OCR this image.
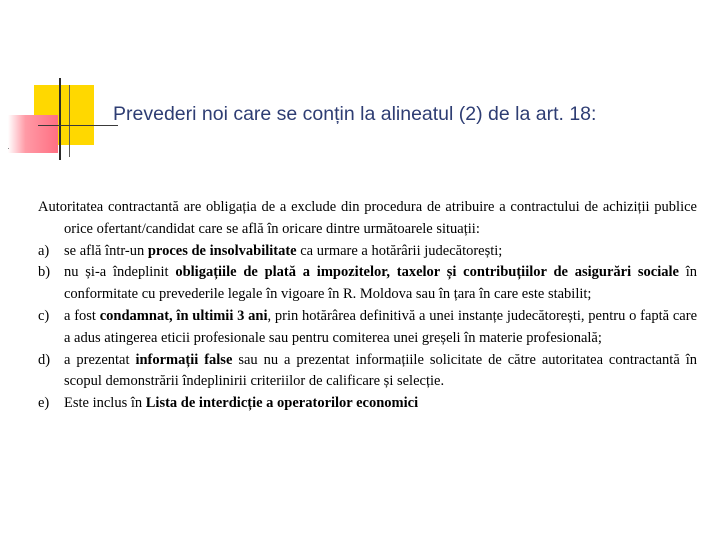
Prevederi noi care se conțin la alineatul (2) de la art. 18:
Autoritatea contractantă are obligația de a exclude din procedura de atribuire a contractului de achiziții publice orice ofertant/candidat care se află în oricare dintre următoarele situații:
a)	se află într-un proces de insolvabilitate ca urmare a hotărârii judecătorești;
b) nu și-a îndeplinit obligațiile de plată a impozitelor, taxelor și contribuțiilor de asigurări sociale în conformitate cu prevederile legale în vigoare în R. Moldova sau în țara în care este stabilit;
c)	a fost condamnat, în ultimii 3 ani, prin hotărârea definitivă a unei instanțe judecătorești, pentru o faptă care a adus atingerea eticii profesionale sau pentru comiterea unei greșeli în materie profesională;
d) a prezentat informații false sau nu a prezentat informațiile solicitate de către autoritatea contractantă în scopul demonstrării îndeplinirii criteriilor de calificare și selecție.
e)	Este inclus în Lista de interdicție a operatorilor economici
